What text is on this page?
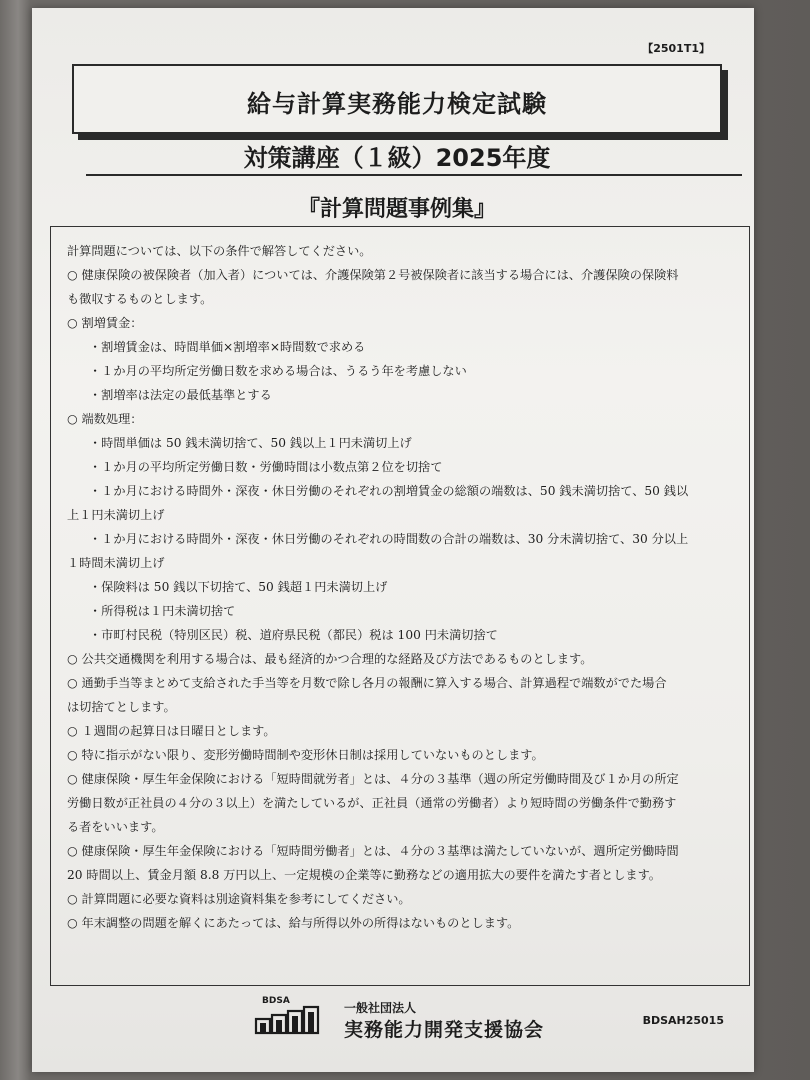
【2501T1】
給与計算実務能力検定試験
対策講座（１級）2025年度
『計算問題事例集』

計算問題については、以下の条件で解答してください。

○ 健康保険の被保険者（加入者）については、介護保険第２号被保険者に該当する場合には、介護保険の保険料

も徴収するものとします。

○ 割増賃金：

・割増賃金は、時間単価×割増率×時間数で求める

・１か月の平均所定労働日数を求める場合は、うるう年を考慮しない

・割増率は法定の最低基準とする

○ 端数処理：

・時間単価は 50 銭未満切捨て、50 銭以上１円未満切上げ

・１か月の平均所定労働日数・労働時間は小数点第２位を切捨て

・１か月における時間外・深夜・休日労働のそれぞれの割増賃金の総額の端数は、50 銭未満切捨て、50 銭以

上１円未満切上げ

・１か月における時間外・深夜・休日労働のそれぞれの時間数の合計の端数は、30 分未満切捨て、30 分以上

１時間未満切上げ

・保険料は 50 銭以下切捨て、50 銭超１円未満切上げ

・所得税は１円未満切捨て

・市町村民税（特別区民）税、道府県民税（都民）税は 100 円未満切捨て

○ 公共交通機関を利用する場合は、最も経済的かつ合理的な経路及び方法であるものとします。

○ 通勤手当等まとめて支給された手当等を月数で除し各月の報酬に算入する場合、計算過程で端数がでた場合

は切捨てとします。

○ １週間の起算日は日曜日とします。

○ 特に指示がない限り、変形労働時間制や変形休日制は採用していないものとします。

○ 健康保険・厚生年金保険における「短時間就労者」とは、４分の３基準（週の所定労働時間及び１か月の所定

労働日数が正社員の４分の３以上）を満たしているが、正社員（通常の労働者）より短時間の労働条件で勤務す

る者をいいます。

○ 健康保険・厚生年金保険における「短時間労働者」とは、４分の３基準は満たしていないが、週所定労働時間

20 時間以上、賃金月額 8.8 万円以上、一定規模の企業等に勤務などの適用拡大の要件を満たす者とします。

○ 計算問題に必要な資料は別途資料集を参考にしてください。

○ 年末調整の問題を解くにあたっては、給与所得以外の所得はないものとします。

BDSA	一般社団法人
実務能力開発支援協会	BDSAH25015
